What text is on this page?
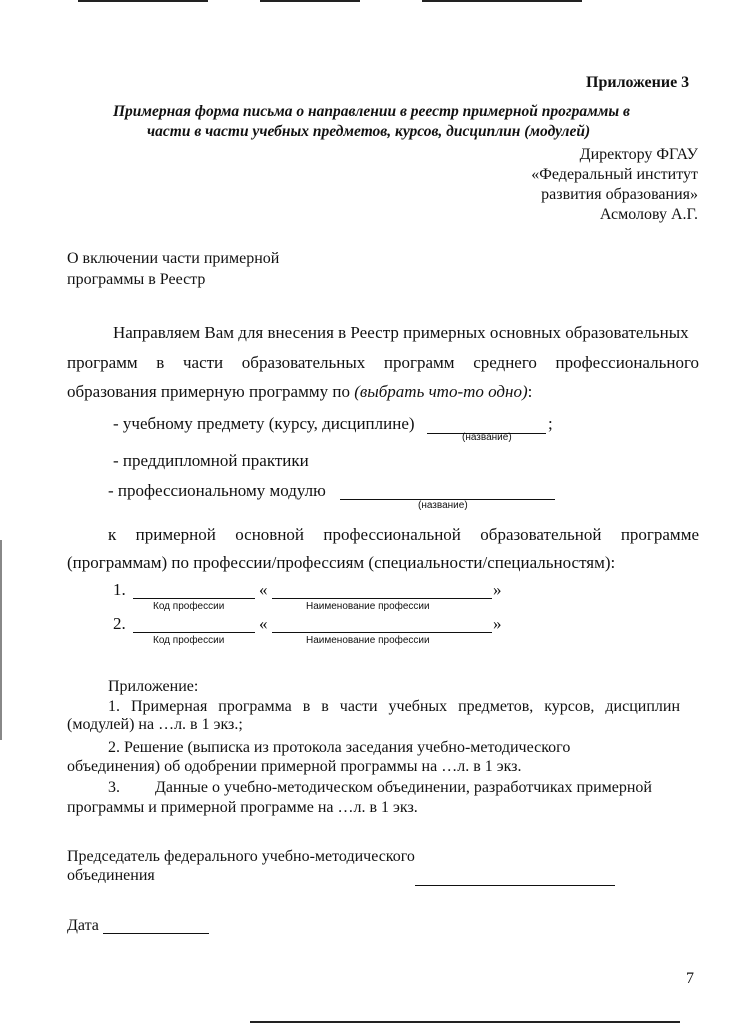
Приложение 3
Примерная форма письма о направлении в реестр примерной программы в
части в части учебных предметов, курсов, дисциплин (модулей)
Директору ФГАУ
«Федеральный институт
развития образования»
Асмолову А.Г.
О включении части примерной
программы в Реестр
Направляем Вам для внесения в Реестр примерных основных образовательных
программ в части образовательных программ среднего профессионального
образования примерную программу по (выбрать что-то одно):
- учебному предмету (курсу, дисциплине)	;
(название)
- преддипломной практики
- профессиональному модулю
(название)
к примерной основной профессиональной образовательной программе
(программам) по профессии/профессиям (специальности/специальностям):
1.	«	»
Код профессии	Наименование профессии
2.	«	»
Код профессии	Наименование профессии
Приложение:
1. Примерная программа в в части учебных предметов, курсов, дисциплин
(модулей) на …л. в 1 экз.;
2. Решение (выписка из протокола заседания учебно-методического
объединения) об одобрении примерной программы на …л. в 1 экз.
3. Данные о учебно-методическом объединении, разработчиках примерной
программы и примерной программе на …л. в 1 экз.
Председатель федерального учебно-методического
объединения
Дата
7
